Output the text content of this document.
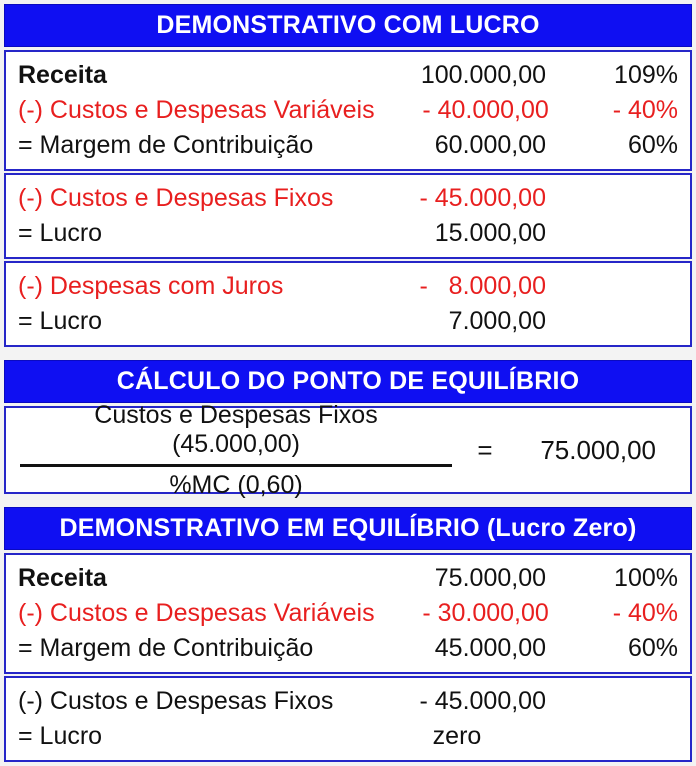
DEMONSTRATIVO COM LUCRO
Receita	100.000,00	109%
(-) Custos e Despesas Variáveis	- 40.000,00	- 40%
= Margem de Contribuição	60.000,00	60%
(-) Custos e Despesas Fixos	- 45.000,00
= Lucro	15.000,00
(-) Despesas com Juros	-   8.000,00
= Lucro	7.000,00
CÁLCULO DO PONTO DE EQUILÍBRIO
$\frac{\text{Custos e Despesas Fixos (45.000,00)}}{\%MC (0,60)}$ =	75.000,00
DEMONSTRATIVO EM EQUILÍBRIO (Lucro Zero)
Receita	75.000,00	100%
(-) Custos e Despesas Variáveis	- 30.000,00	- 40%
= Margem de Contribuição	45.000,00	60%
(-) Custos e Despesas Fixos	- 45.000,00
= Lucro	zero
